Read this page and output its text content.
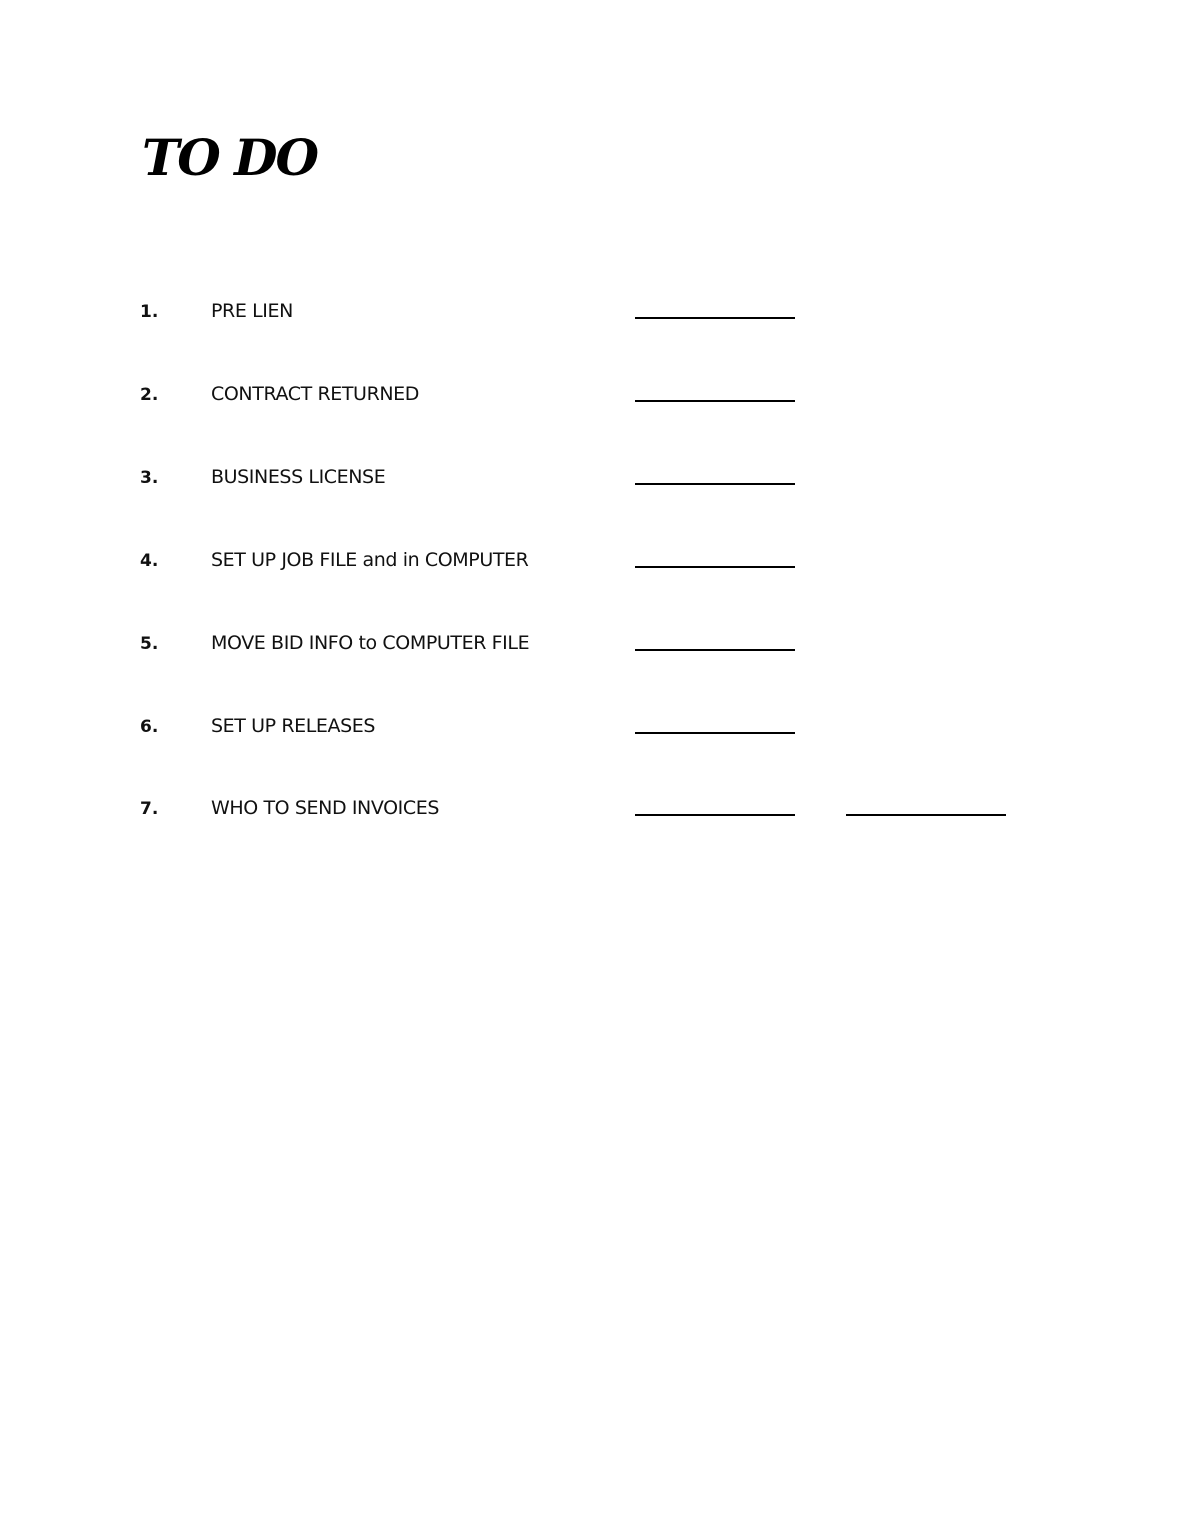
TO DO
1.	PRE LIEN
2.	CONTRACT RETURNED
3.	BUSINESS LICENSE
4.	SET UP JOB FILE and in COMPUTER
5.	MOVE BID INFO to COMPUTER FILE
6.	SET UP RELEASES
7.	WHO TO SEND INVOICES
